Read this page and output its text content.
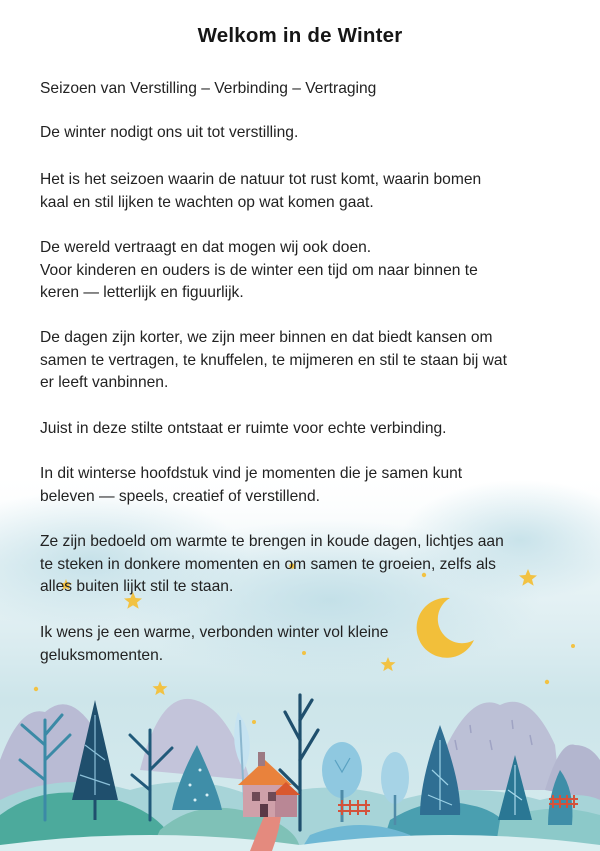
Welkom in de Winter

Seizoen van Verstilling – Verbinding – Vertraging

De winter nodigt ons uit tot verstilling.

Het is het seizoen waarin de natuur tot rust komt, waarin bomen
kaal en stil lijken te wachten op wat komen gaat.

De wereld vertraagt en dat mogen wij ook doen.
Voor kinderen en ouders is de winter een tijd om naar binnen te
keren — letterlijk en figuurlijk.

De dagen zijn korter, we zijn meer binnen en dat biedt kansen om
samen te vertragen, te knuffelen, te mijmeren en stil te staan bij wat
er leeft vanbinnen.

Juist in deze stilte ontstaat er ruimte voor echte verbinding.

In dit winterse hoofdstuk vind je momenten die je samen kunt
beleven — speels, creatief of verstillend.

Ze zijn bedoeld om warmte te brengen in koude dagen, lichtjes aan
te steken in donkere momenten en om samen te groeien, zelfs als
alles buiten lijkt stil te staan.

Ik wens je een warme, verbonden winter vol kleine
geluksmomenten.
